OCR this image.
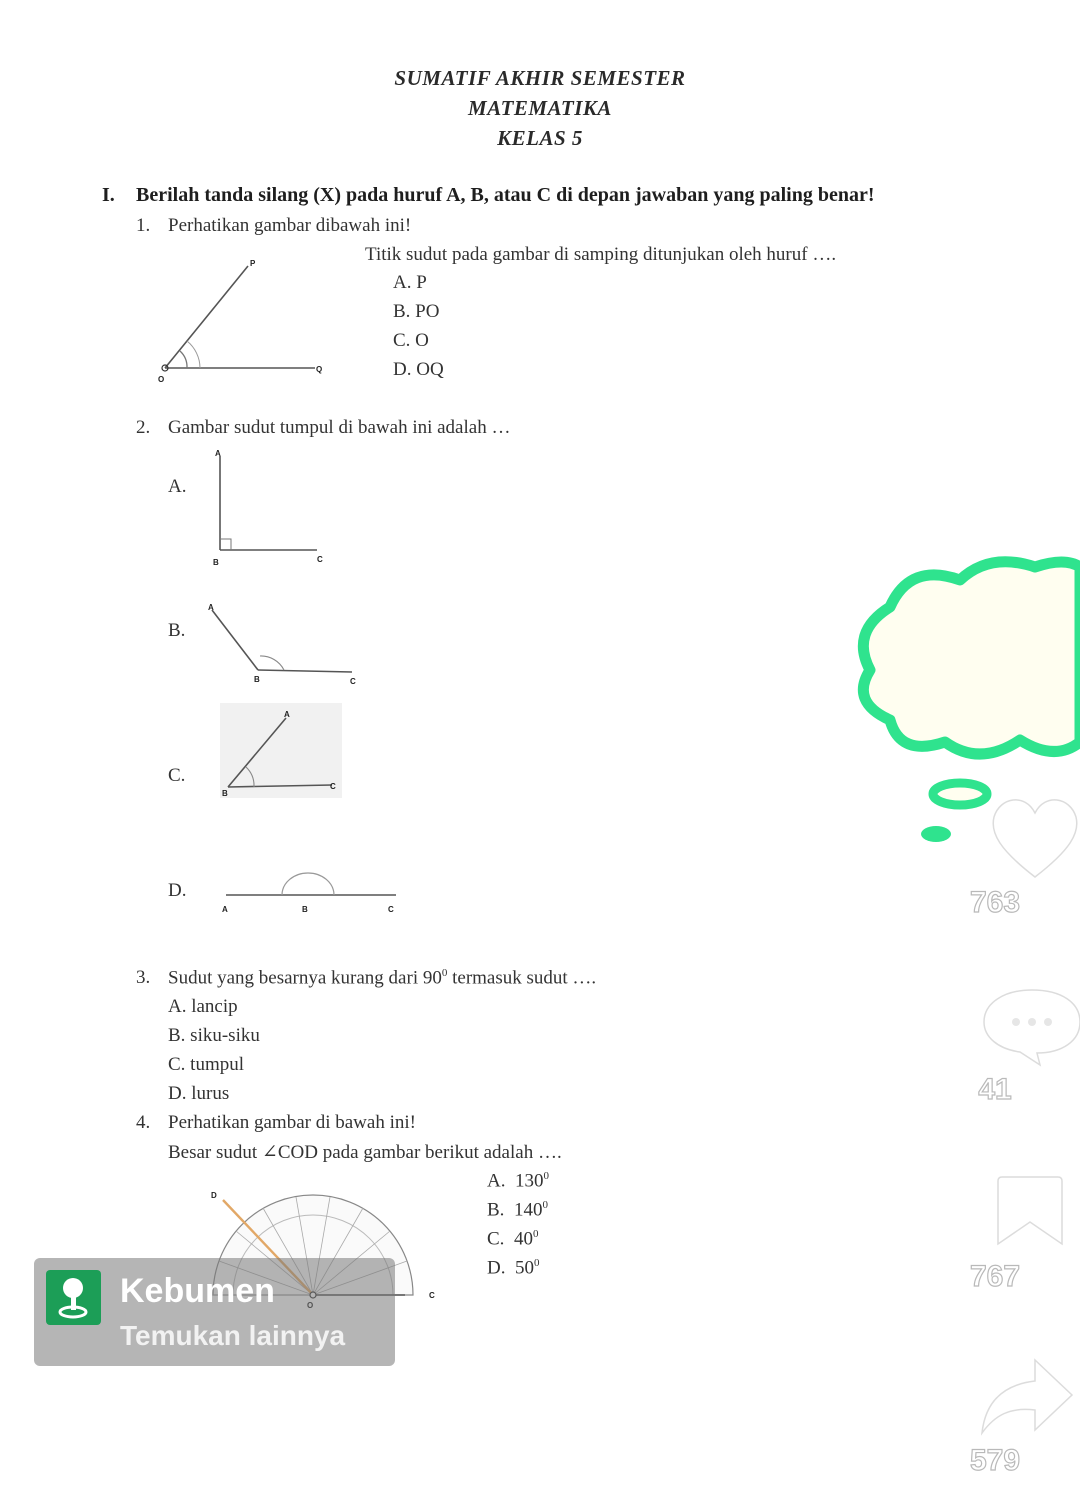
SUMATIF AKHIR SEMESTER
MATEMATIKA
KELAS 5
I. Berilah tanda silang (X) pada huruf A, B, atau C di depan jawaban yang paling benar!
1. Perhatikan gambar dibawah ini!
Titik sudut pada gambar di samping ditunjukan oleh huruf ….
A. P
B. PO
C. O
D. OQ
P
O
Q
2. Gambar sudut tumpul di bawah ini adalah …
A.
A
B	C
B.
A
B	C
C.
A
B
C
D.
A	B	C
3. Sudut yang besarnya kurang dari $90^0$ termasuk sudut ….
A. lancip
B. siku-siku
C. tumpul
D. lurus
4. Perhatikan gambar di bawah ini!
Besar sudut ∠COD pada gambar berikut adalah ….
A. $130^0$
B. $140^0$
C. $40^0$
D. $50^0$
D
C
763
41
767
579
Kebumen
Temukan lainnya
03-27
